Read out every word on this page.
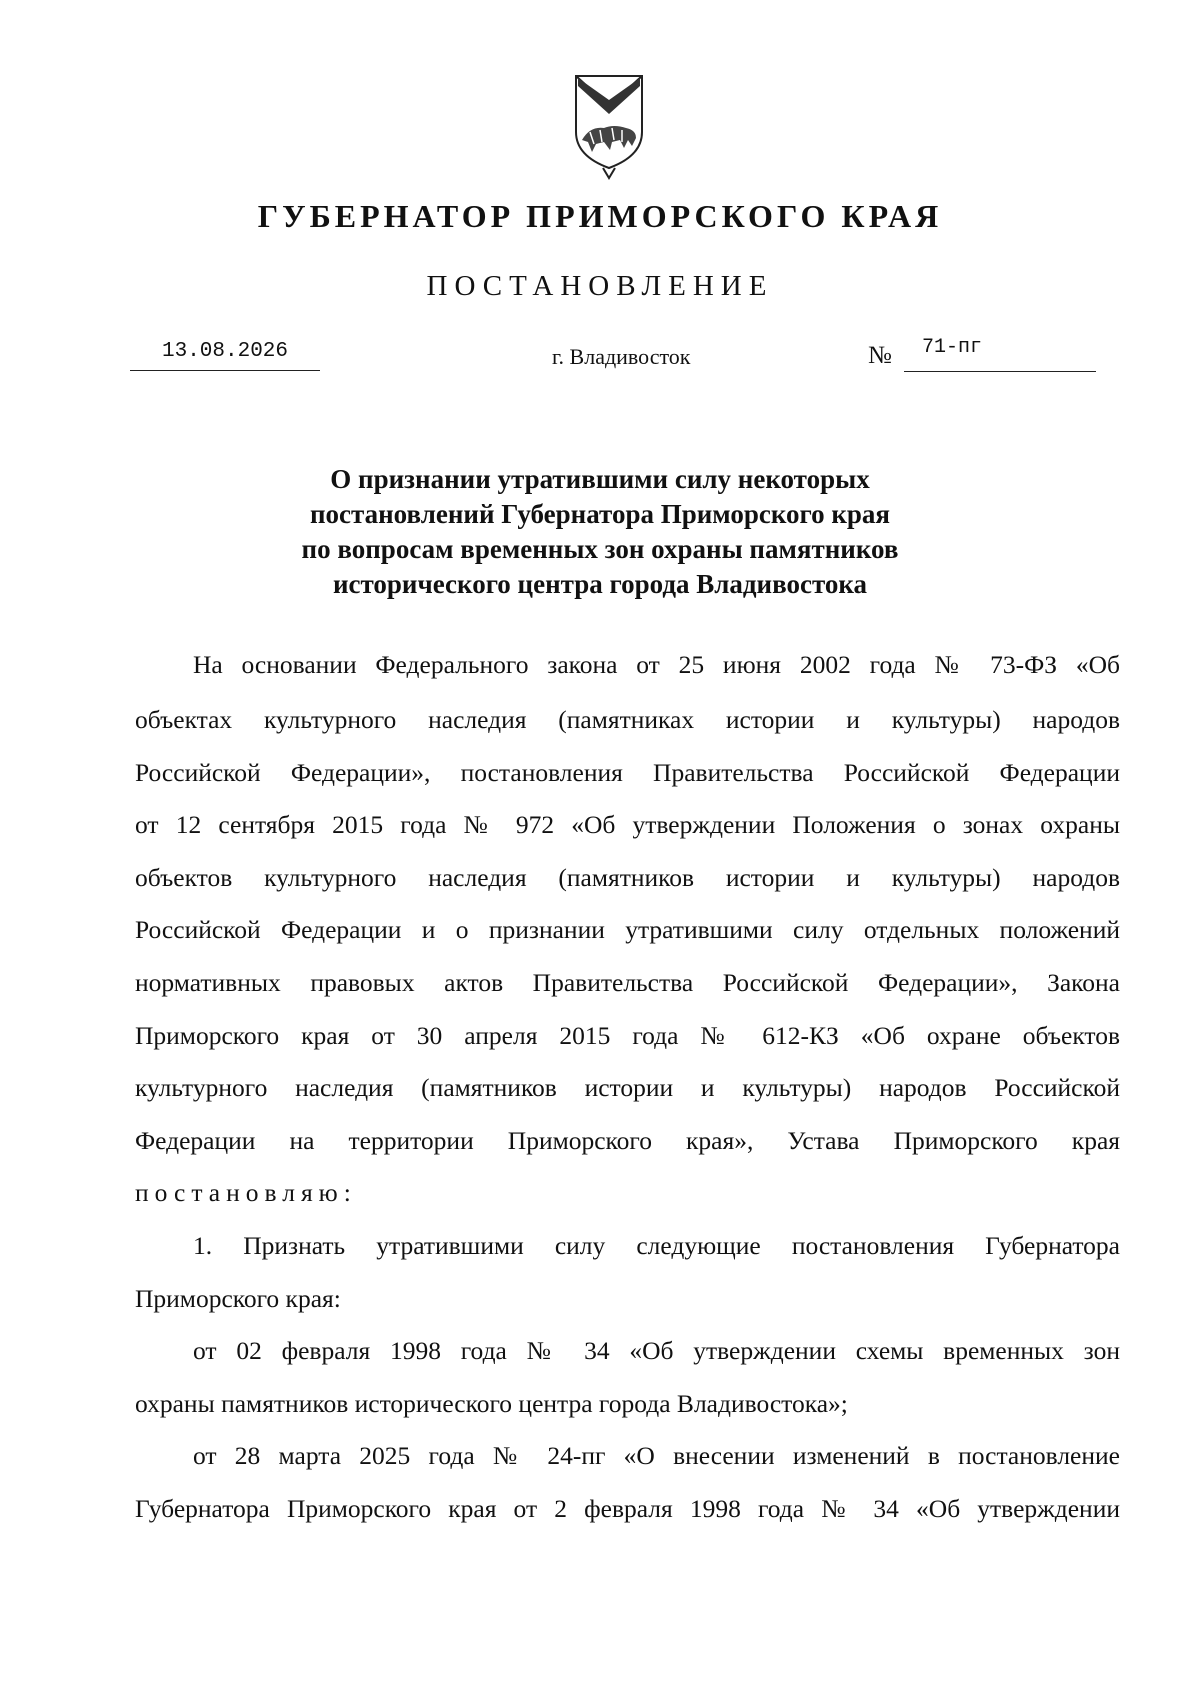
ГУБЕРНАТОР ПРИМОРСКОГО КРАЯ
ПОСТАНОВЛЕНИЕ
13.08.2026	г. Владивосток	№ 71-пг
О признании утратившими силу некоторых
постановлений Губернатора Приморского края
по вопросам временных зон охраны памятников
исторического центра города Владивостока
На основании Федерального закона от 25 июня 2002 года № 73-ФЗ «Об
объектах культурного наследия (памятниках истории и культуры) народов
Российской Федерации», постановления Правительства Российской Федерации
от 12 сентября 2015 года № 972 «Об утверждении Положения о зонах охраны
объектов культурного наследия (памятников истории и культуры) народов
Российской Федерации и о признании утратившими силу отдельных положений
нормативных правовых актов Правительства Российской Федерации», Закона
Приморского края от 30 апреля 2015 года № 612-КЗ «Об охране объектов
культурного наследия (памятников истории и культуры) народов Российской
Федерации на территории Приморского края», Устава Приморского края
постановляю:
1. Признать утратившими силу следующие постановления Губернатора
Приморского края:
от 02 февраля 1998 года № 34 «Об утверждении схемы временных зон
охраны памятников исторического центра города Владивостока»;
от 28 марта 2025 года № 24-пг «О внесении изменений в постановление
Губернатора Приморского края от 2 февраля 1998 года № 34 «Об утверждении
